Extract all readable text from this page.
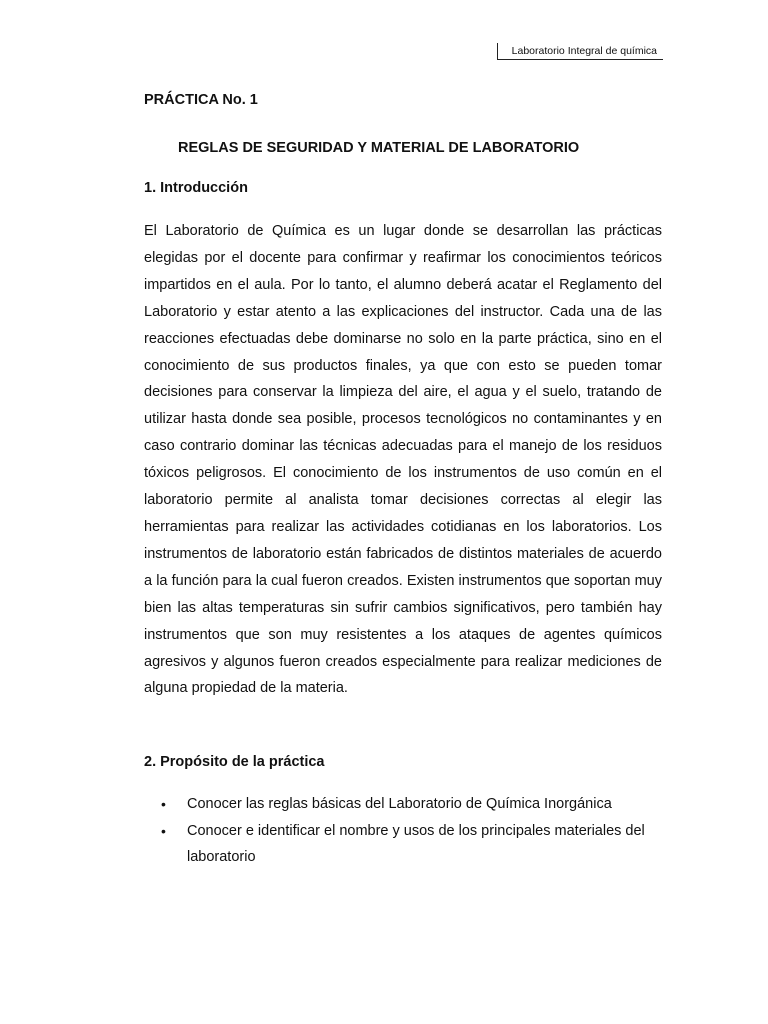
Laboratorio Integral de química

PRÁCTICA No. 1

REGLAS DE SEGURIDAD Y MATERIAL DE LABORATORIO

1. Introducción

El Laboratorio de Química es un lugar donde se desarrollan las prácticas elegidas por el docente para confirmar y reafirmar los conocimientos teóricos impartidos en el aula. Por lo tanto, el alumno deberá acatar el Reglamento del Laboratorio y estar atento a las explicaciones del instructor. Cada una de las reacciones efectuadas debe dominarse no solo en la parte práctica, sino en el conocimiento de sus productos finales, ya que con esto se pueden tomar decisiones para conservar la limpieza del aire, el agua y el suelo, tratando de utilizar hasta donde sea posible, procesos tecnológicos no contaminantes y en caso contrario dominar las técnicas adecuadas para el manejo de los residuos tóxicos peligrosos. El conocimiento de los instrumentos de uso común en el laboratorio permite al analista tomar decisiones correctas al elegir las herramientas para realizar las actividades cotidianas en los laboratorios. Los instrumentos de laboratorio están fabricados de distintos materiales de acuerdo a la función para la cual fueron creados. Existen instrumentos que soportan muy bien las altas temperaturas sin sufrir cambios significativos, pero también hay instrumentos que son muy resistentes a los ataques de agentes químicos agresivos y algunos fueron creados especialmente para realizar mediciones de alguna propiedad de la materia.

2. Propósito de la práctica

• Conocer las reglas básicas del Laboratorio de Química Inorgánica
• Conocer e identificar el nombre y usos de los principales materiales del laboratorio
